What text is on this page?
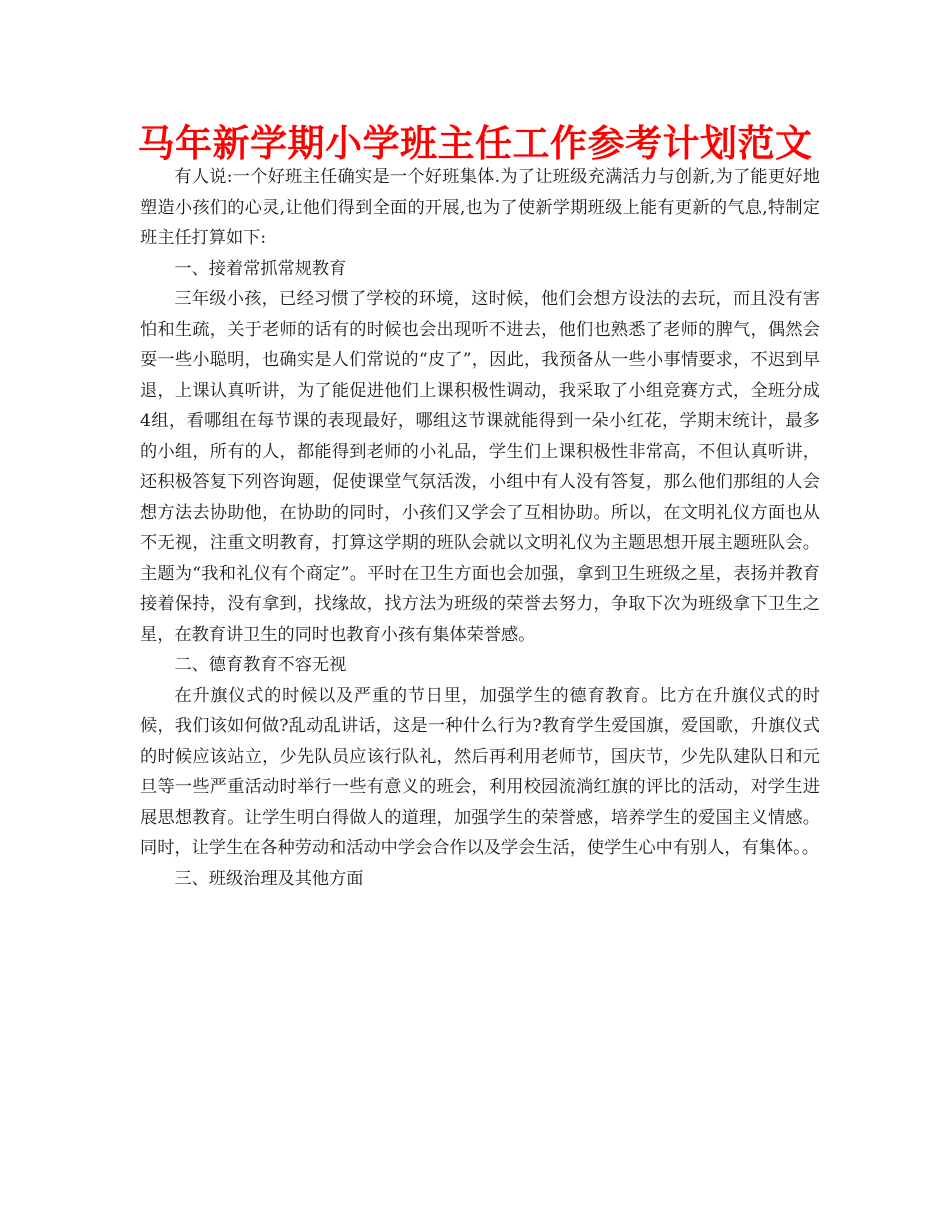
马年新学期小学班主任工作参考计划范文

有人说:一个好班主任确实是一个好班集体.为了让班级充满活力与创新,为了能更好地塑造小孩们的心灵,让他们得到全面的开展,也为了使新学期班级上能有更新的气息,特制定班主任打算如下:

一、接着常抓常规教育

三年级小孩，已经习惯了学校的环境，这时候，他们会想方设法的去玩，而且没有害怕和生疏，关于老师的话有的时候也会出现听不进去，他们也熟悉了老师的脾气，偶然会耍一些小聪明，也确实是人们常说的“皮了”，因此，我预备从一些小事情要求，不迟到早退，上课认真听讲，为了能促进他们上课积极性调动，我采取了小组竞赛方式，全班分成4组，看哪组在每节课的表现最好，哪组这节课就能得到一朵小红花，学期末统计，最多的小组，所有的人，都能得到老师的小礼品，学生们上课积极性非常高，不但认真听讲，还积极答复下列咨询题，促使课堂气氛活泼，小组中有人没有答复，那么他们那组的人会想方法去协助他，在协助的同时，小孩们又学会了互相协助。所以，在文明礼仪方面也从不无视，注重文明教育，打算这学期的班队会就以文明礼仪为主题思想开展主题班队会。主题为“我和礼仪有个商定”。平时在卫生方面也会加强，拿到卫生班级之星，表扬并教育接着保持，没有拿到，找缘故，找方法为班级的荣誉去努力，争取下次为班级拿下卫生之星，在教育讲卫生的同时也教育小孩有集体荣誉感。

二、德育教育不容无视

在升旗仪式的时候以及严重的节日里，加强学生的德育教育。比方在升旗仪式的时候，我们该如何做?乱动乱讲话，这是一种什么行为?教育学生爱国旗，爱国歌，升旗仪式的时候应该站立，少先队员应该行队礼，然后再利用老师节，国庆节，少先队建队日和元旦等一些严重活动时举行一些有意义的班会，利用校园流淌红旗的评比的活动，对学生进展思想教育。让学生明白得做人的道理，加强学生的荣誉感，培养学生的爱国主义情感。同时，让学生在各种劳动和活动中学会合作以及学会生活，使学生心中有别人，有集体。。

三、班级治理及其他方面
